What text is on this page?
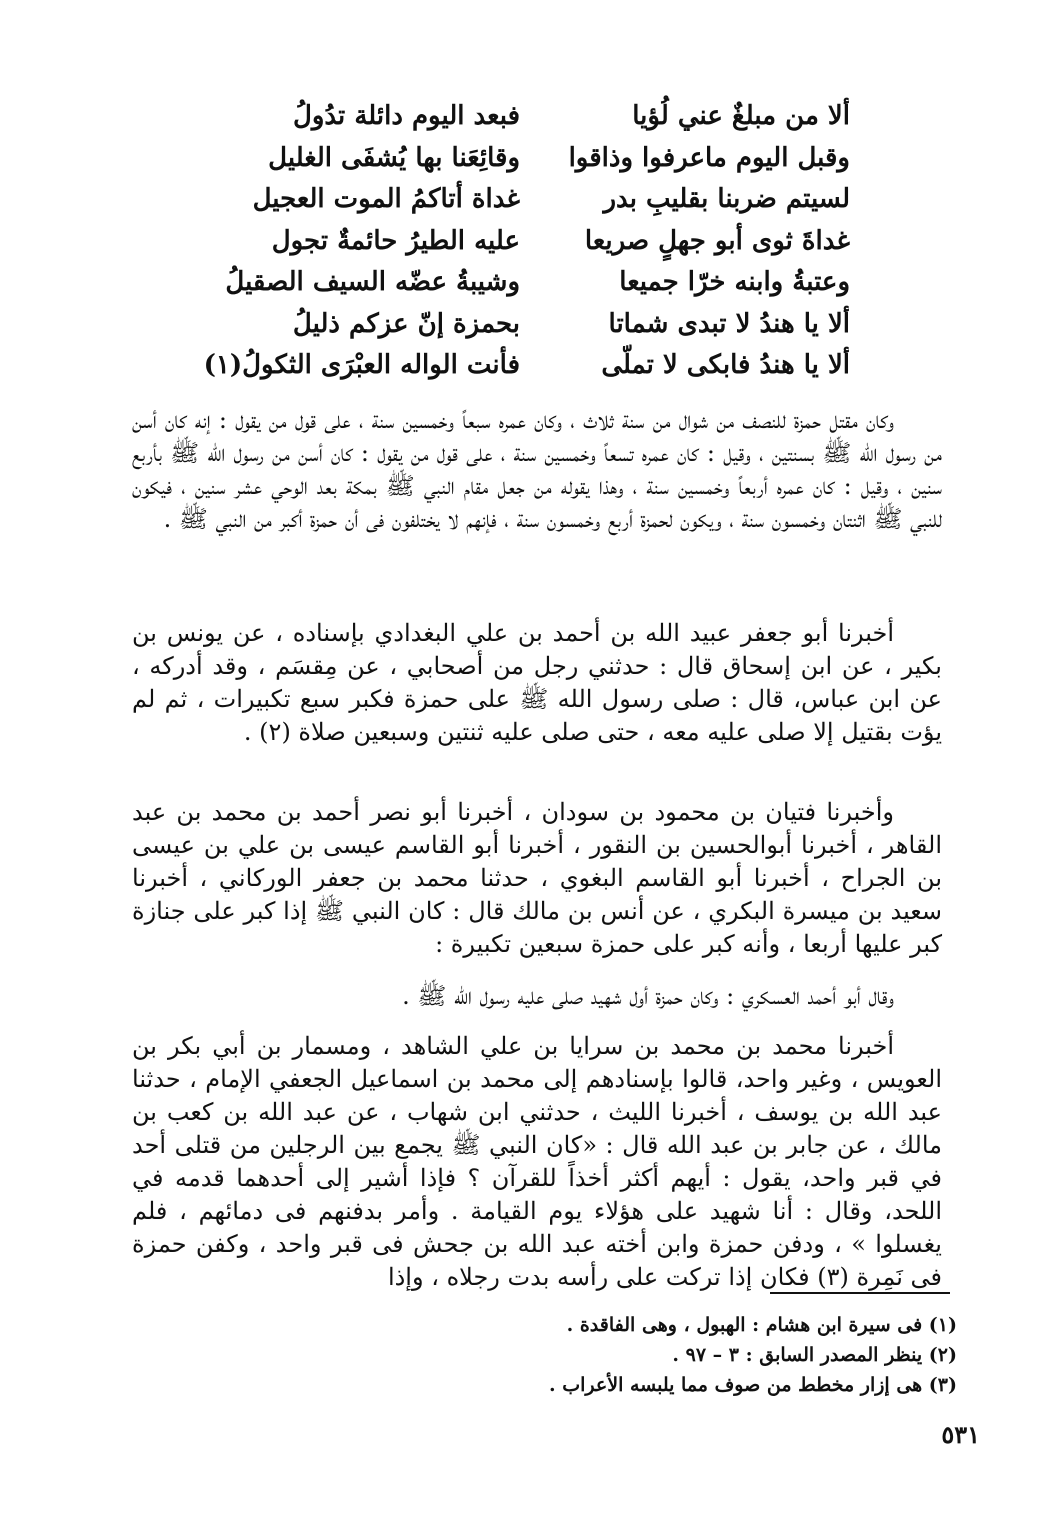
ألا من مبلغٌ عني لُؤيا
فبعد اليوم دائلة تدُولُ
وقبل اليوم ماعرفوا وذاقوا
وقائِعَنا بها يُشفَى الغليل
لسيتم ضربنا بقليبِ بدر
غداة أتاكمُ الموت العجيل
غداةَ ثوى أبو جهلٍ صريعا
عليه الطيرُ حائمةٌ تجول
وعتبةُ وابنه خرّا جميعا
وشيبةُ عضّه السيف الصقيلُ
ألا يا هندُ لا تبدى شماتا
بحمزة إنّ عزكم ذليلُ
ألا يا هندُ فابكى لا تملّى
فأنت الواله العبْرَى الثكولُ(١)

وكان مقتل حمزة للنصف من شوال من سنة ثلاث ، وكان عمره سبعاً وخمسين سنة ، على قول من يقول : إنه كان أسن من رسول الله ﷺ بسنتين ، وقيل : كان عمره تسعاً وخمسين سنة ، على قول من يقول : كان أسن من رسول الله ﷺ بأربع سنين ، وقيل : كان عمره أربعاً وخمسين سنة ، وهذا يقوله من جعل مقام النبي ﷺ بمكة بعد الوحي عشر سنين ، فيكون للنبي ﷺ اثنتان وخمسون سنة ، ويكون لحمزة أربع وخمسون سنة ، فإنهم لا يختلفون فى أن حمزة أكبر من النبي ﷺ .

أخبرنا أبو جعفر عبيد الله بن أحمد بن علي البغدادي بإسناده ، عن يونس بن بكير ، عن ابن إسحاق قال : حدثني رجل من أصحابي ، عن مِقسَم ، وقد أدركه ، عن ابن عباس، قال : صلى رسول الله ﷺ على حمزة فكبر سبع تكبيرات ، ثم لم يؤت بقتيل إلا صلى عليه معه ، حتى صلى عليه ثنتين وسبعين صلاة (٢) .

وأخبرنا فتيان بن محمود بن سودان ، أخبرنا أبو نصر أحمد بن محمد بن عبد القاهر ، أخبرنا أبوالحسين بن النقور ، أخبرنا أبو القاسم عيسى بن علي بن عيسى بن الجراح ، أخبرنا أبو القاسم البغوي ، حدثنا محمد بن جعفر الوركاني ، أخبرنا سعيد بن ميسرة البكري ، عن أنس بن مالك قال : كان النبي ﷺ إذا كبر على جنازة كبر عليها أربعا ، وأنه كبر على حمزة سبعين تكبيرة :

وقال أبو أحمد العسكري : وكان حمزة أول شهيد صلى عليه رسول الله ﷺ .

أخبرنا محمد بن محمد بن سرايا بن علي الشاهد ، ومسمار بن أبي بكر بن العويس ، وغير واحد، قالوا بإسنادهم إلى محمد بن اسماعيل الجعفي الإمام ، حدثنا عبد الله بن يوسف ، أخبرنا الليث ، حدثني ابن شهاب ، عن عبد الله بن كعب بن مالك ، عن جابر بن عبد الله قال : «كان النبي ﷺ يجمع بين الرجلين من قتلى أحد في قبر واحد، يقول : أيهم أكثر أخذاً للقرآن ؟ فإذا أشير إلى أحدهما قدمه في اللحد، وقال : أنا شهيد على هؤلاء يوم القيامة . وأمر بدفنهم فى دمائهم ، فلم يغسلوا » ، ودفن حمزة وابن أخته عبد الله بن جحش فى قبر واحد ، وكفن حمزة فى نَمِرة (٣) فكان إذا تركت على رأسه بدت رجلاه ، وإذا

(١) فى سيرة ابن هشام : الهبول ، وهى الفاقدة .
(٢) ينظر المصدر السابق : ٣ – ٩٧ .
(٣) هى إزار مخطط من صوف مما يلبسه الأعراب .
٥٣١
